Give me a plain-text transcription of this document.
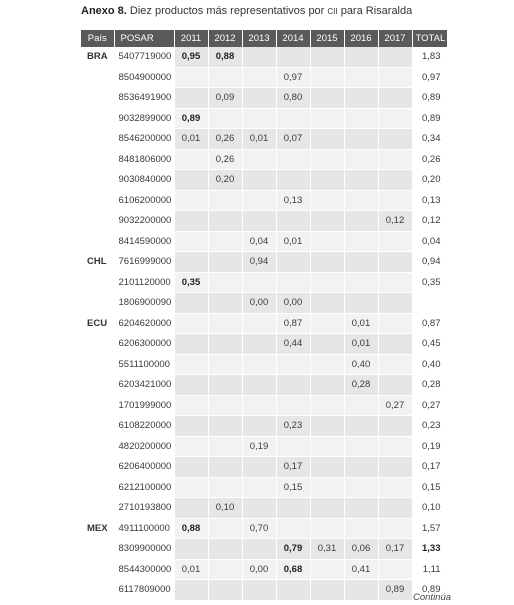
Anexo 8. Diez productos más representativos por CII para Risaralda
País	POSAR	2011	2012	2013	2014	2015	2016	2017	TOTAL
BRA	5407719000	0,95	0,88						1,83
	8504900000				0,97				0,97
	8536491900		0,09		0,80				0,89
	9032899000	0,89							0,89
	8546200000	0,01	0,26	0,01	0,07				0,34
	8481806000		0,26						0,26
	9030840000		0,20						0,20
	6106200000				0,13				0,13
	9032200000							0,12	0,12
	8414590000			0,04	0,01				0,04
CHL	7616999000			0,94					0,94
	2101120000	0,35							0,35
	1806900090			0,00	0,00				
ECU	6204620000				0,87		0,01		0,87
	6206300000				0,44		0,01		0,45
	5511100000						0,40		0,40
	6203421000						0,28		0,28
	1701999000							0,27	0,27
	6108220000				0,23				0,23
	4820200000			0,19					0,19
	6206400000				0,17				0,17
	6212100000				0,15				0,15
	2710193800		0,10						0,10
MEX	4911100000	0,88		0,70					1,57
	8309900000				0,79	0,31	0,06	0,17	1,33
	8544300000	0,01		0,00	0,68		0,41		1,11
	6117809000							0,89	0,89
Continúa
